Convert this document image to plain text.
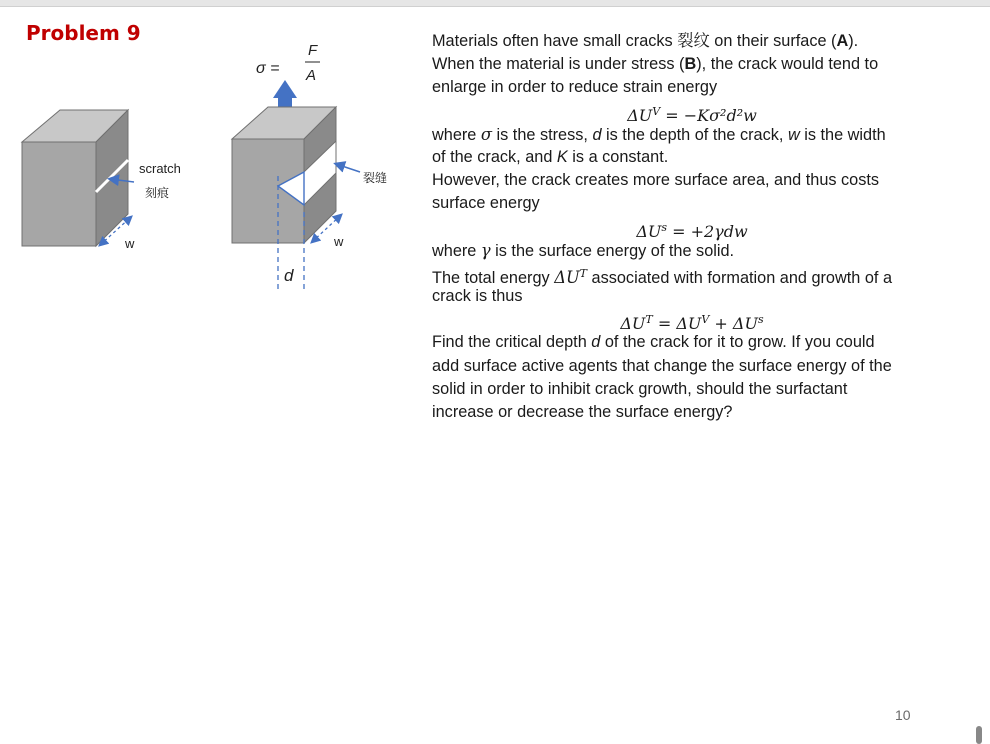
Problem 9
scratch
刻痕
w
σ =
F
A
裂缝
d
w
Materials often have small cracks 裂纹 on their surface (A).
When the material is under stress (B), the crack would tend to
enlarge in order to reduce strain energy
$\Delta U^V = -K\sigma^2d^2w$
where σ is the stress, d is the depth of the crack, w is the width
of the crack, and K is a constant.
However, the crack creates more surface area, and thus costs
surface energy
$\Delta U^s = +2\gamma dw$
where γ is the surface energy of the solid.
The total energy $\Delta U^T$ associated with formation and growth of a
crack is thus
$\Delta U^T = \Delta U^V + \Delta U^s$
Find the critical depth d of the crack for it to grow. If you could
add surface active agents that change the surface energy of the
solid in order to inhibit crack growth, should the surfactant
increase or decrease the surface energy?
10
